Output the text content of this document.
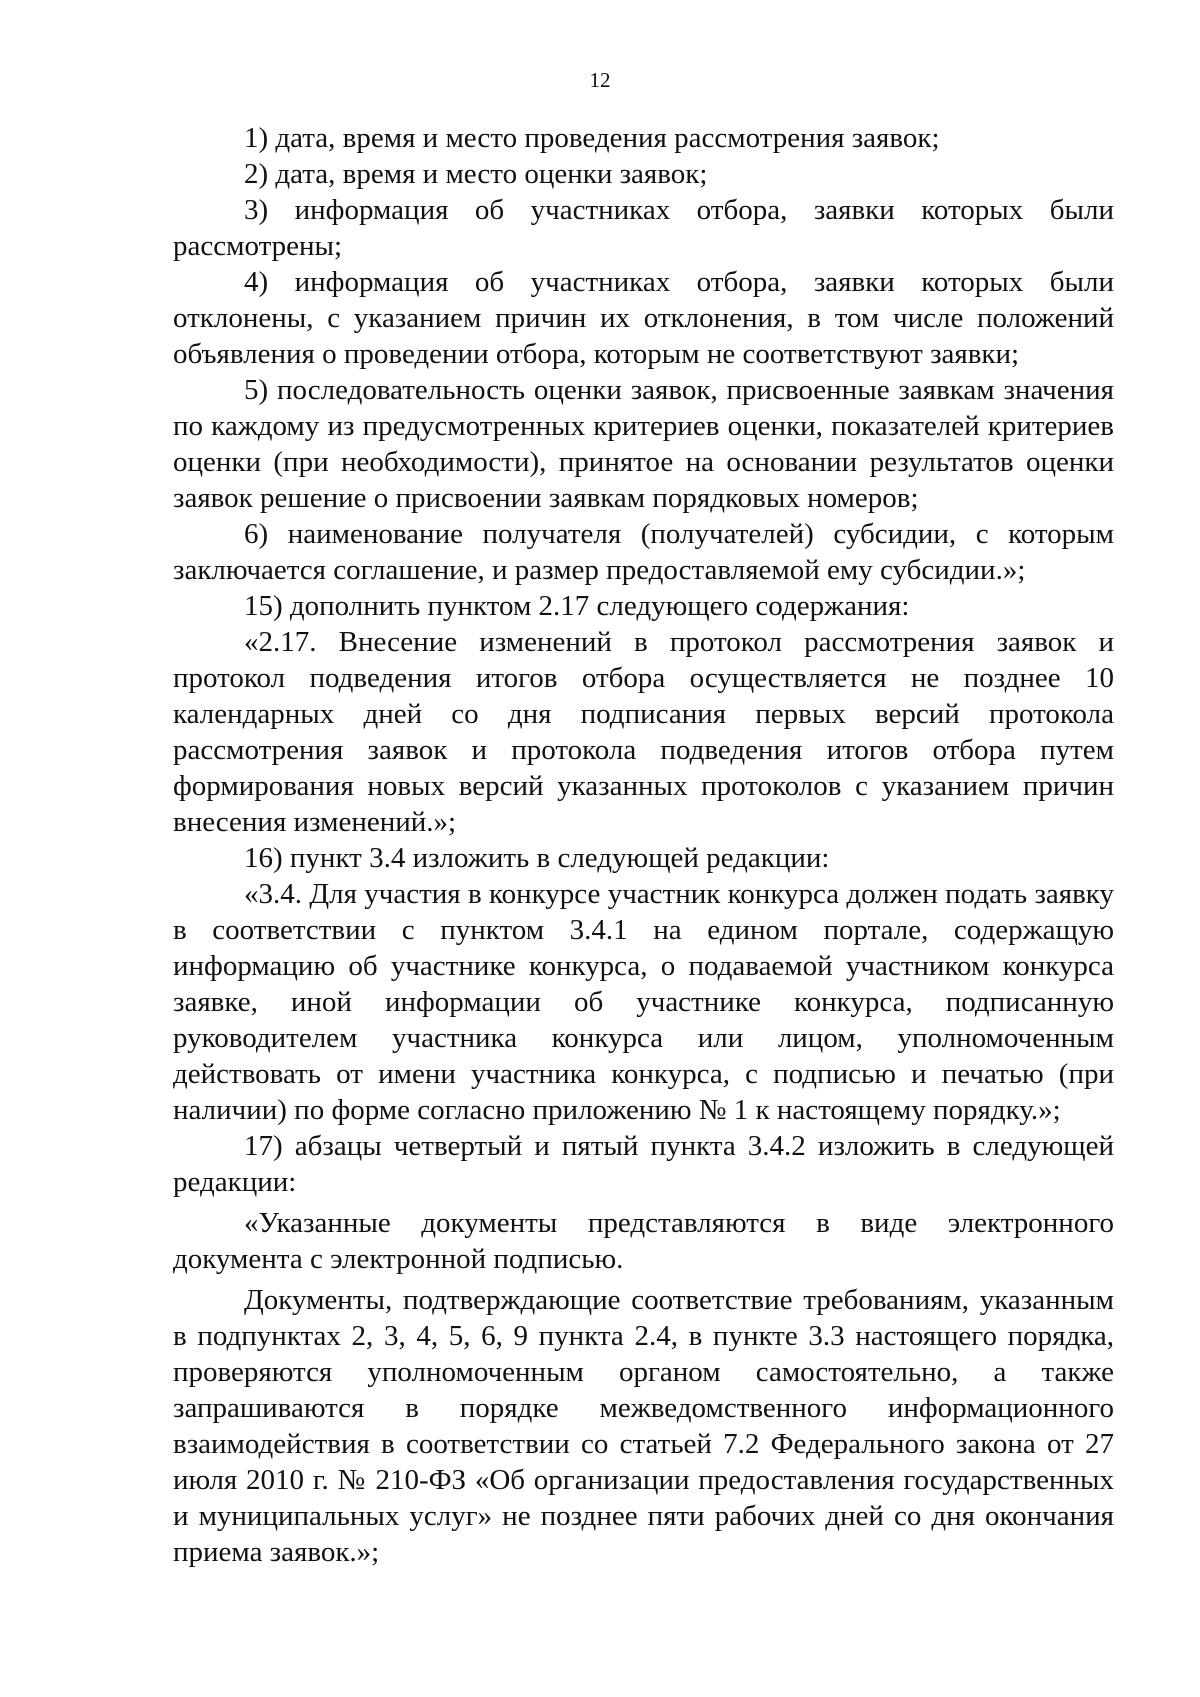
12

1) дата, время и место проведения рассмотрения заявок;

2) дата, время и место оценки заявок;

3) информация об участниках отбора, заявки которых были рассмотрены;

4) информация об участниках отбора, заявки которых были отклонены, с указанием причин их отклонения, в том числе положений объявления о проведении отбора, которым не соответствуют заявки;

5) последовательность оценки заявок, присвоенные заявкам значения по каждому из предусмотренных критериев оценки, показателей критериев оценки (при необходимости), принятое на основании результатов оценки заявок решение о присвоении заявкам порядковых номеров;

6) наименование получателя (получателей) субсидии, с которым заключается соглашение, и размер предоставляемой ему субсидии.»;

15) дополнить пунктом 2.17 следующего содержания:

«2.17. Внесение изменений в протокол рассмотрения заявок и протокол подведения итогов отбора осуществляется не позднее 10 календарных дней со дня подписания первых версий протокола рассмотрения заявок и протокола подведения итогов отбора путем формирования новых версий указанных протоколов с указанием причин внесения изменений.»;

16) пункт 3.4 изложить в следующей редакции:

«3.4. Для участия в конкурсе участник конкурса должен подать заявку в соответствии с пунктом 3.4.1 на едином портале, содержащую информацию об участнике конкурса, о подаваемой участником конкурса заявке, иной информации об участнике конкурса, подписанную руководителем участника конкурса или лицом, уполномоченным действовать от имени участника конкурса, с подписью и печатью (при наличии) по форме согласно приложению № 1 к настоящему порядку.»;

17) абзацы четвертый и пятый пункта 3.4.2 изложить в следующей редакции:

«Указанные документы представляются в виде электронного документа с электронной подписью.

Документы, подтверждающие соответствие требованиям, указанным в подпунктах 2, 3, 4, 5, 6, 9 пункта 2.4, в пункте 3.3 настоящего порядка, проверяются уполномоченным органом самостоятельно, а также запрашиваются в порядке межведомственного информационного взаимодействия в соответствии со статьей 7.2 Федерального закона от 27 июля 2010 г. № 210-ФЗ «Об организации предоставления государственных и муниципальных услуг» не позднее пяти рабочих дней со дня окончания приема заявок.»;
